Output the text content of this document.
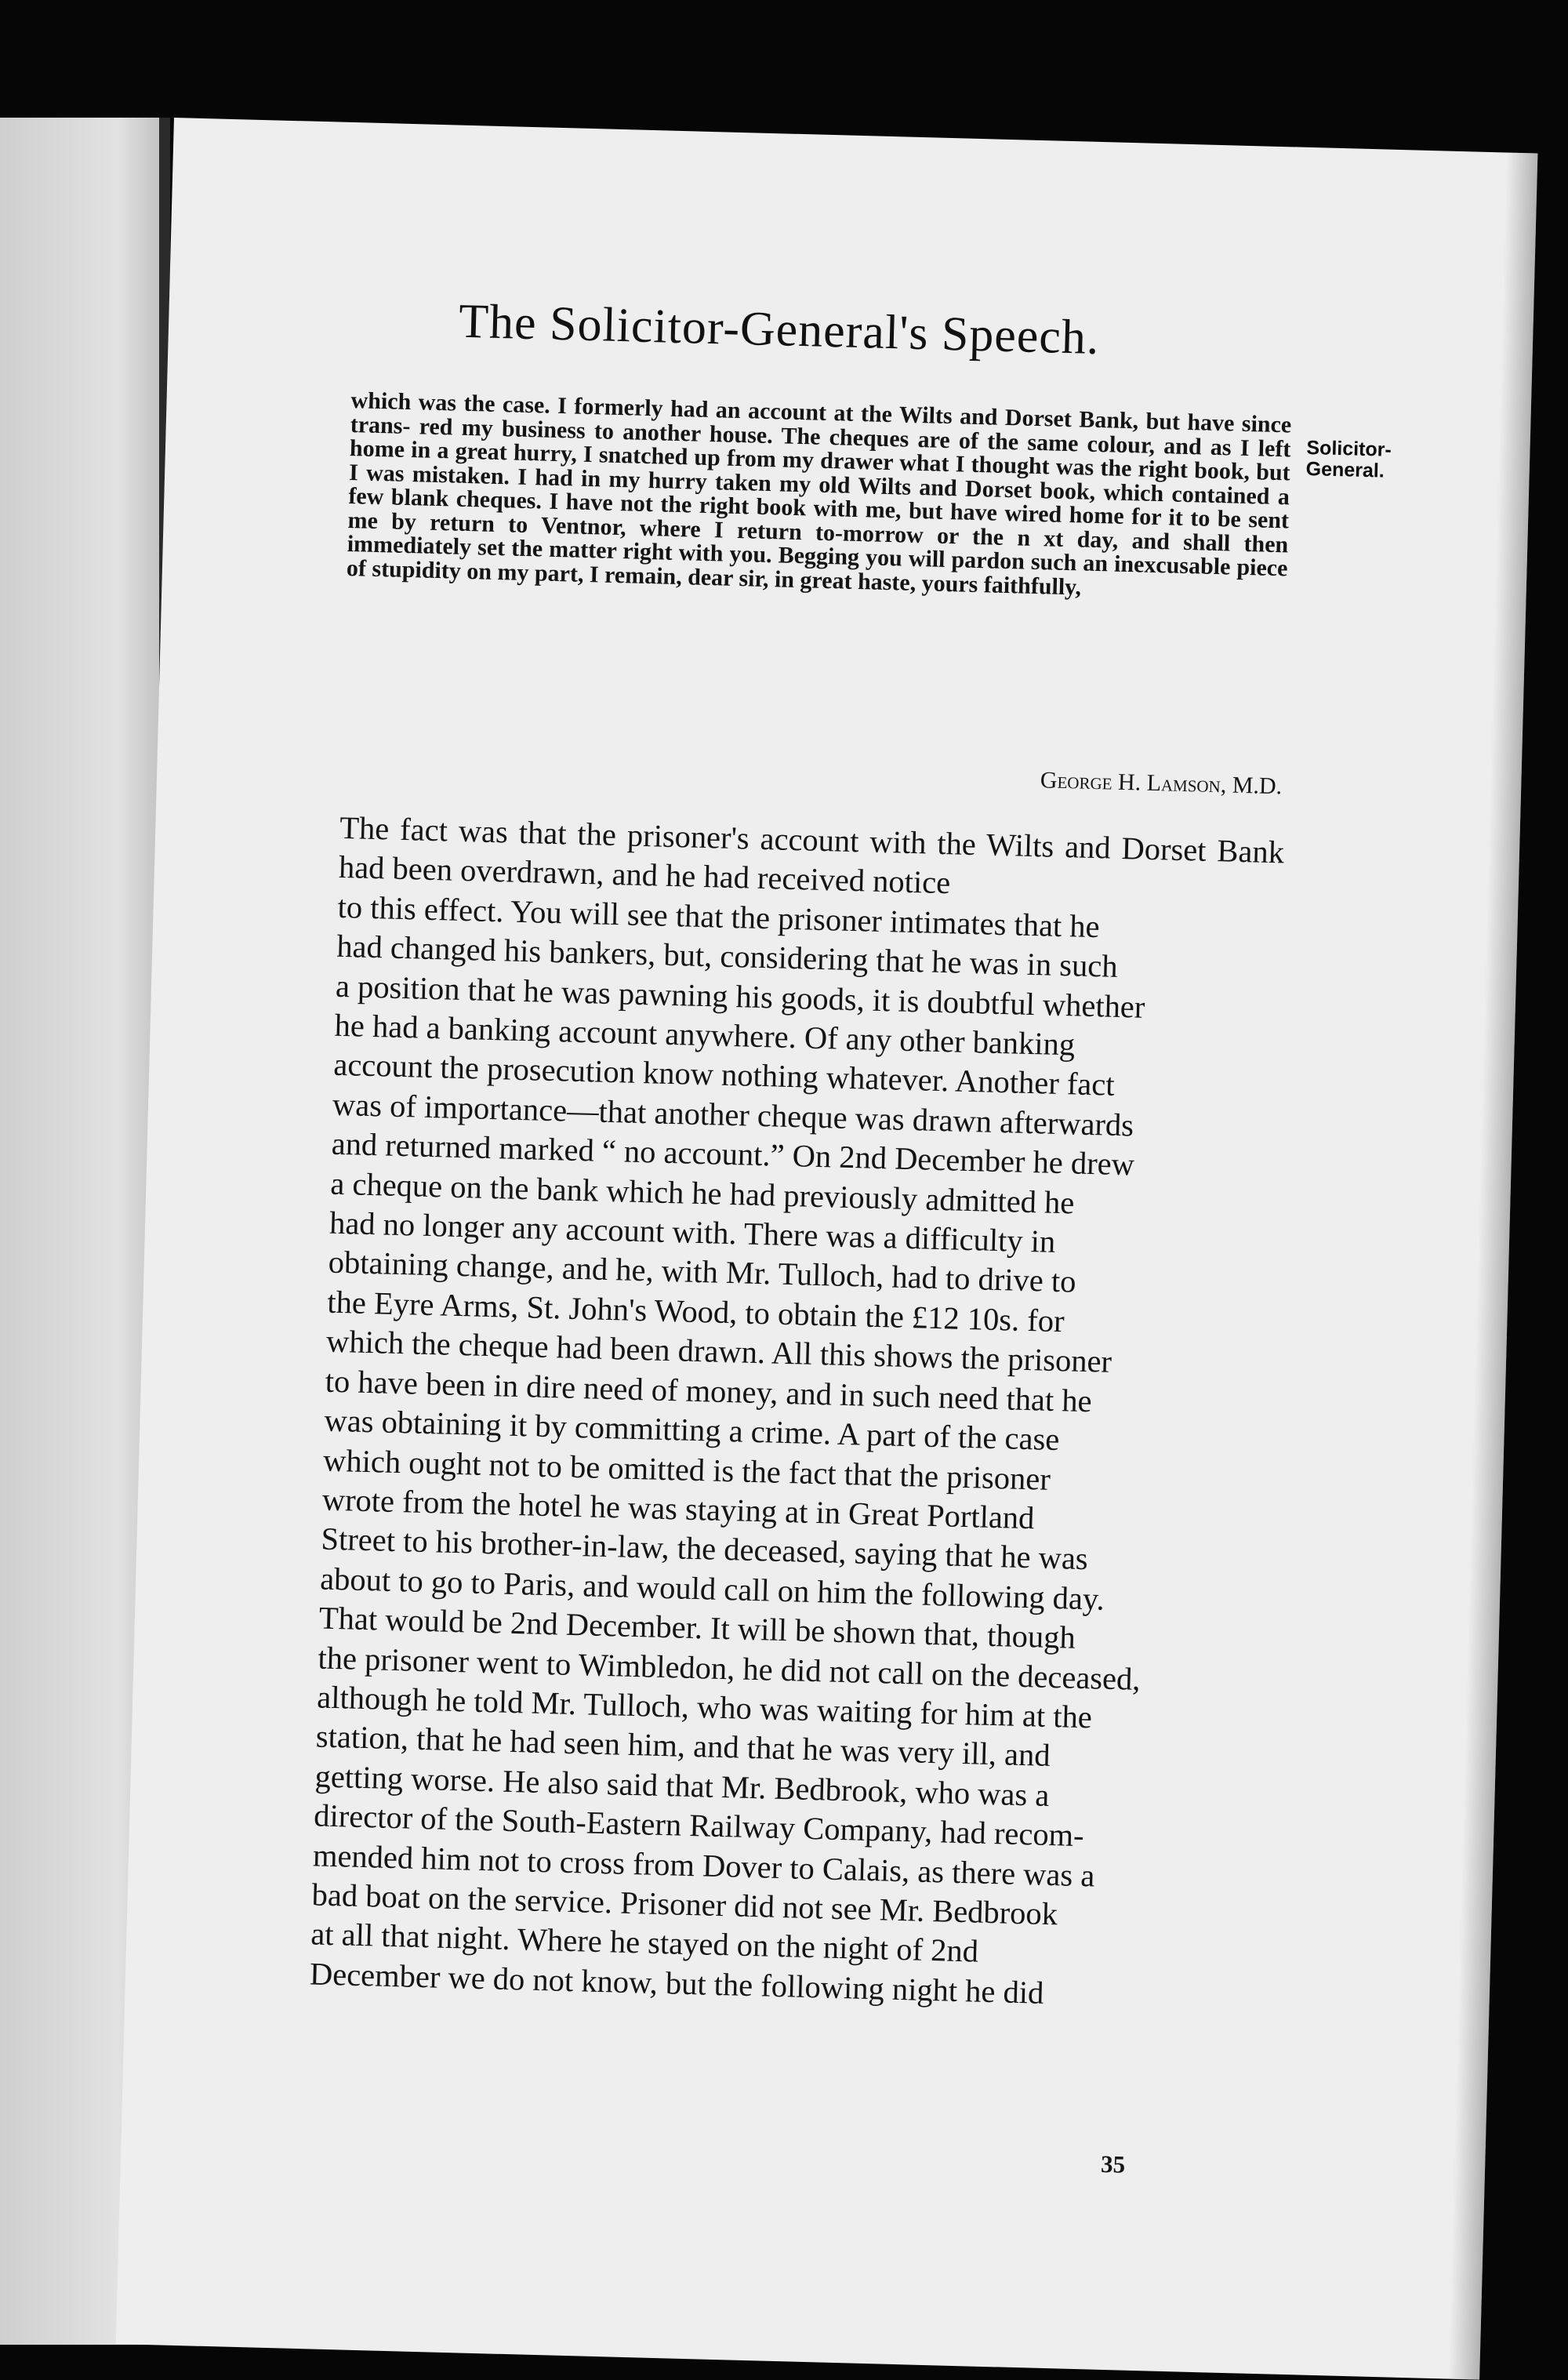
The Solicitor-General's Speech.
which was the case. I formerly had an account at the Wilts and Dorset Bank, but have since trans- red my business to another house. The cheques are of the same colour, and as I left home in a great hurry, I snatched up from my drawer what I thought was the right book, but I was mistaken. I had in my hurry taken my old Wilts and Dorset book, which contained a few blank cheques. I have not the right book with me, but have wired home for it to be sent me by return to Ventnor, where I return to-morrow or the n xt day, and shall then immediately set the matter right with you. Begging you will pardon such an inexcusable piece of stupidity on my part, I remain, dear sir, in great haste, yours faithfully,
George H. Lamson, M.D.
Solicitor-
General.
The fact was that the prisoner's account with the Wilts and Dorset Bank had been overdrawn, and he had received notice
to this effect. You will see that the prisoner intimates that he
had changed his bankers, but, considering that he was in such
a position that he was pawning his goods, it is doubtful whether
he had a banking account anywhere. Of any other banking
account the prosecution know nothing whatever. Another fact
was of importance—that another cheque was drawn afterwards
and returned marked “ no account.” On 2nd December he drew
a cheque on the bank which he had previously admitted he
had no longer any account with. There was a difficulty in
obtaining change, and he, with Mr. Tulloch, had to drive to
the Eyre Arms, St. John's Wood, to obtain the £12 10s. for
which the cheque had been drawn. All this shows the prisoner
to have been in dire need of money, and in such need that he
was obtaining it by committing a crime. A part of the case
which ought not to be omitted is the fact that the prisoner
wrote from the hotel he was staying at in Great Portland
Street to his brother-in-law, the deceased, saying that he was
about to go to Paris, and would call on him the following day.
That would be 2nd December. It will be shown that, though
the prisoner went to Wimbledon, he did not call on the deceased,
although he told Mr. Tulloch, who was waiting for him at the
station, that he had seen him, and that he was very ill, and
getting worse. He also said that Mr. Bedbrook, who was a
director of the South-Eastern Railway Company, had recom-
mended him not to cross from Dover to Calais, as there was a
bad boat on the service. Prisoner did not see Mr. Bedbrook
at all that night. Where he stayed on the night of 2nd
December we do not know, but the following night he did
35
